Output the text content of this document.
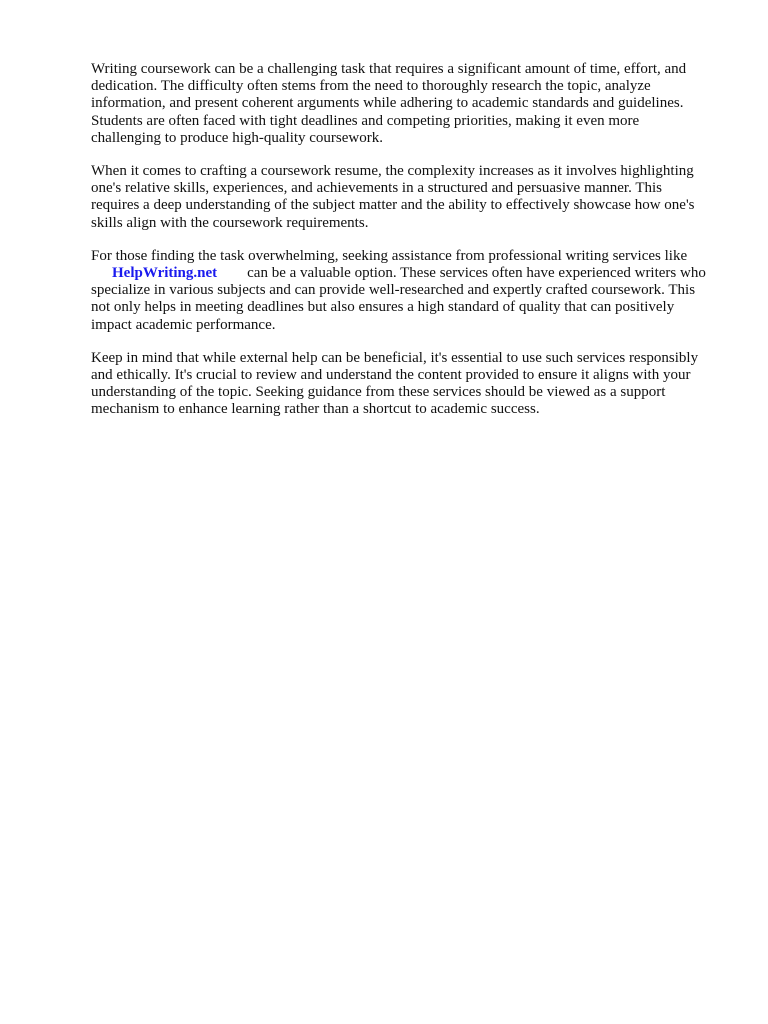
Writing coursework can be a challenging task that requires a significant amount of time, effort, and
dedication. The difficulty often stems from the need to thoroughly research the topic, analyze
information, and present coherent arguments while adhering to academic standards and guidelines.
Students are often faced with tight deadlines and competing priorities, making it even more
challenging to produce high-quality coursework.

When it comes to crafting a coursework resume, the complexity increases as it involves highlighting
one's relative skills, experiences, and achievements in a structured and persuasive manner. This
requires a deep understanding of the subject matter and the ability to effectively showcase how one's
skills align with the coursework requirements.

For those finding the task overwhelming, seeking assistance from professional writing services like
HelpWriting.net can be a valuable option. These services often have experienced writers who
specialize in various subjects and can provide well-researched and expertly crafted coursework. This
not only helps in meeting deadlines but also ensures a high standard of quality that can positively
impact academic performance.

Keep in mind that while external help can be beneficial, it's essential to use such services responsibly
and ethically. It's crucial to review and understand the content provided to ensure it aligns with your
understanding of the topic. Seeking guidance from these services should be viewed as a support
mechanism to enhance learning rather than a shortcut to academic success.
